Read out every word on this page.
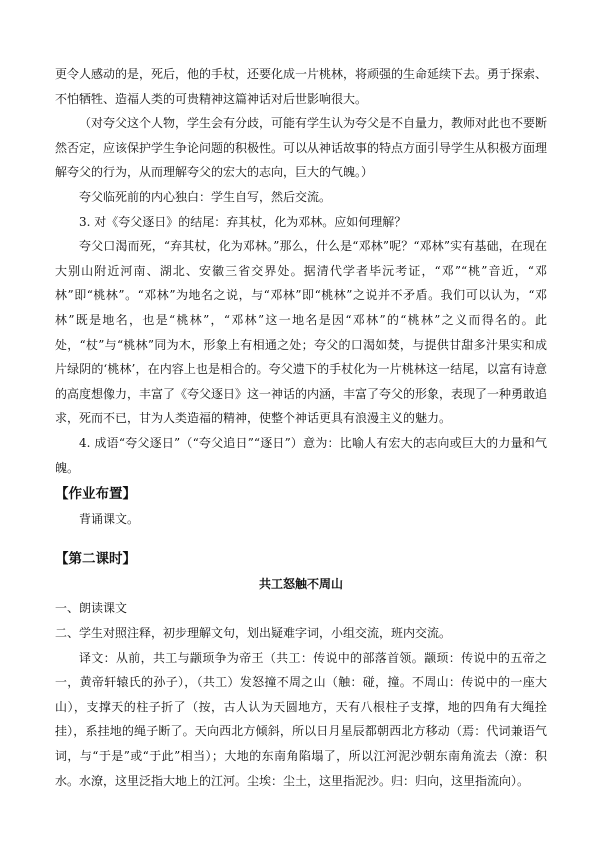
更令人感动的是，死后，他的手杖，还要化成一片桃林，将顽强的生命延续下去。勇于探索、不怕牺牲、造福人类的可贵精神这篇神话对后世影响很大。

（对夸父这个人物，学生会有分歧，可能有学生认为夸父是不自量力，教师对此也不要断然否定，应该保护学生争论问题的积极性。可以从神话故事的特点方面引导学生从积极方面理解夸父的行为，从而理解夸父的宏大的志向，巨大的气魄。）

夸父临死前的内心独白：学生自写，然后交流。

3. 对《夸父逐日》的结尾：弃其杖，化为邓林。应如何理解？

夸父口渴而死，“弃其杖，化为邓林。”那么，什么是“邓林”呢？“邓林”实有基础，在现在大别山附近河南、湖北、安徽三省交界处。据清代学者毕沅考证，“邓”“桃”音近，“邓林”即“桃林”。“邓林”为地名之说，与“邓林”即“桃林”之说并不矛盾。我们可以认为，“邓林”既是地名，也是“桃林”，“邓林”这一地名是因“邓林”的“桃林”之义而得名的。此处，“杖”与“桃林”同为木，形象上有相通之处；夸父的口渴如焚，与提供甘甜多汁果实和成片绿阴的‘桃林’，在内容上也是相合的。夸父遗下的手杖化为一片桃林这一结尾，以富有诗意的高度想像力，丰富了《夸父逐日》这一神话的内涵，丰富了夸父的形象，表现了一种勇敢追求，死而不已，甘为人类造福的精神，使整个神话更具有浪漫主义的魅力。

4. 成语“夸父逐日”（“夸父追日”“逐日”）意为：比喻人有宏大的志向或巨大的力量和气魄。

【作业布置】

背诵课文。

【第二课时】

共工怒触不周山

一、朗读课文

二、学生对照注释，初步理解文句，划出疑难字词，小组交流，班内交流。

译文：从前，共工与颛顼争为帝王（共工：传说中的部落首领。颛顼：传说中的五帝之一，黄帝轩辕氏的孙子），（共工）发怒撞不周之山（触：碰，撞。不周山：传说中的一座大山），支撑天的柱子折了（按，古人认为天圆地方，天有八根柱子支撑，地的四角有大绳拴挂），系挂地的绳子断了。天向西北方倾斜，所以日月星辰都朝西北方移动（焉：代词兼语气词，与“于是”或“于此”相当）；大地的东南角陷塌了，所以江河泥沙朝东南角流去（潦：积水。水潦，这里泛指大地上的江河。尘埃：尘土，这里指泥沙。归：归向，这里指流向）。
